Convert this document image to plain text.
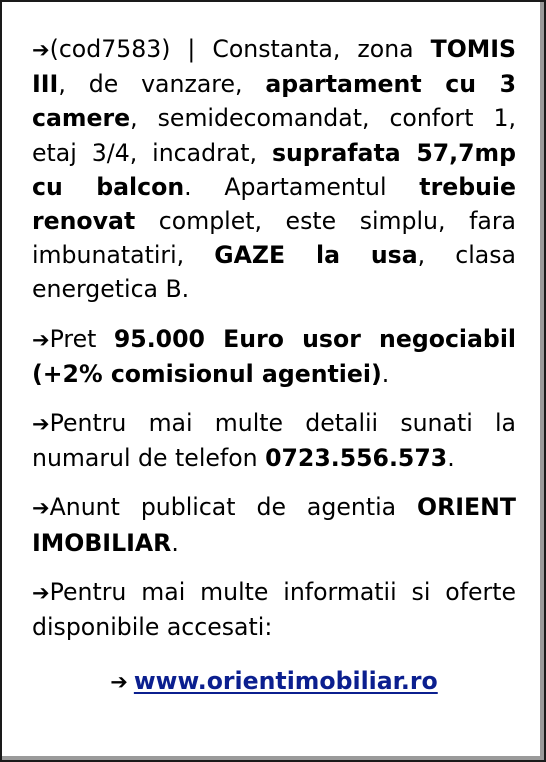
➔(cod7583) | Constanta, zona TOMIS III, de vanzare, apartament cu 3 camere, semidecomandat, confort 1, etaj 3/4, incadrat, suprafata 57,7mp cu balcon. Apartamentul trebuie renovat complet, este simplu, fara imbunatatiri, GAZE la usa, clasa energetica B.

➔Pret 95.000 Euro usor negociabil (+2% comisionul agentiei).

➔Pentru mai multe detalii sunati la numarul de telefon 0723.556.573.

➔Anunt publicat de agentia ORIENT IMOBILIAR.

➔Pentru mai multe informatii si oferte disponibile accesati:

➔ www.orientimobiliar.ro
